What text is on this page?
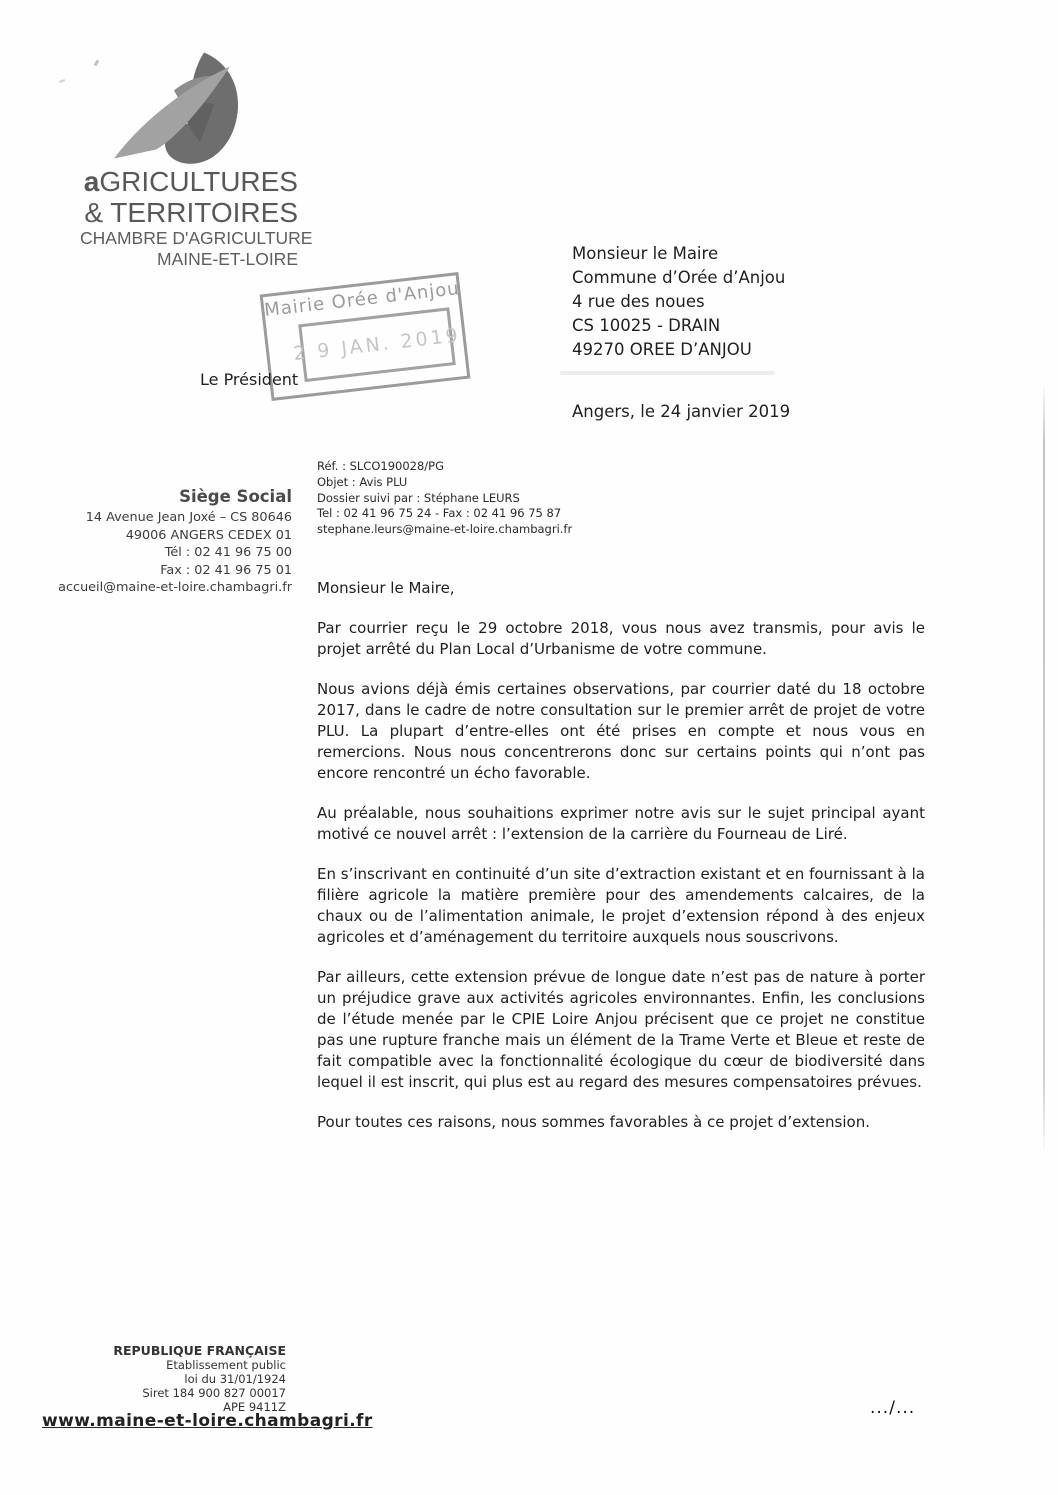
aGRICULTURES
& TERRITOIRES
CHAMBRE D'AGRICULTURE
MAINE-ET-LOIRE
Mairie Orée d'Anjou
2 9 JAN. 2019
Le Président
Monsieur le Maire
Commune d’Orée d’Anjou
4 rue des noues
CS 10025 - DRAIN
49270 OREE D’ANJOU
Angers, le 24 janvier 2019
Réf. : SLCO190028/PG
Objet : Avis PLU
Dossier suivi par : Stéphane LEURS
Tel : 02 41 96 75 24 - Fax : 02 41 96 75 87
stephane.leurs@maine-et-loire.chambagri.fr
Siège Social
14 Avenue Jean Joxé – CS 80646
49006 ANGERS CEDEX 01
Tél : 02 41 96 75 00
Fax : 02 41 96 75 01
accueil@maine-et-loire.chambagri.fr Monsieur le Maire,

Par courrier reçu le 29 octobre 2018, vous nous avez transmis, pour avis le projet arrêté du Plan Local d’Urbanisme de votre commune.

Nous avions déjà émis certaines observations, par courrier daté du 18 octobre 2017, dans le cadre de notre consultation sur le premier arrêt de projet de votre PLU. La plupart d’entre-elles ont été prises en compte et nous vous en remercions. Nous nous concentrerons donc sur certains points qui n’ont pas encore rencontré un écho favorable.

Au préalable, nous souhaitions exprimer notre avis sur le sujet principal ayant motivé ce nouvel arrêt : l’extension de la carrière du Fourneau de Liré.

En s’inscrivant en continuité d’un site d’extraction existant et en fournissant à la filière agricole la matière première pour des amendements calcaires, de la chaux ou de l’alimentation animale, le projet d’extension répond à des enjeux agricoles et d’aménagement du territoire auxquels nous souscrivons.

Par ailleurs, cette extension prévue de longue date n’est pas de nature à porter un préjudice grave aux activités agricoles environnantes. Enfin, les conclusions de l’étude menée par le CPIE Loire Anjou précisent que ce projet ne constitue pas une rupture franche mais un élément de la Trame Verte et Bleue et reste de fait compatible avec la fonctionnalité écologique du cœur de biodiversité dans lequel il est inscrit, qui plus est au regard des mesures compensatoires prévues.

Pour toutes ces raisons, nous sommes favorables à ce projet d’extension.

REPUBLIQUE FRANÇAISE
Etablissement public
loi du 31/01/1924
Siret 184 900 827 00017
APE 9411Z
www.maine-et-loire.chambagri.fr
.../...
